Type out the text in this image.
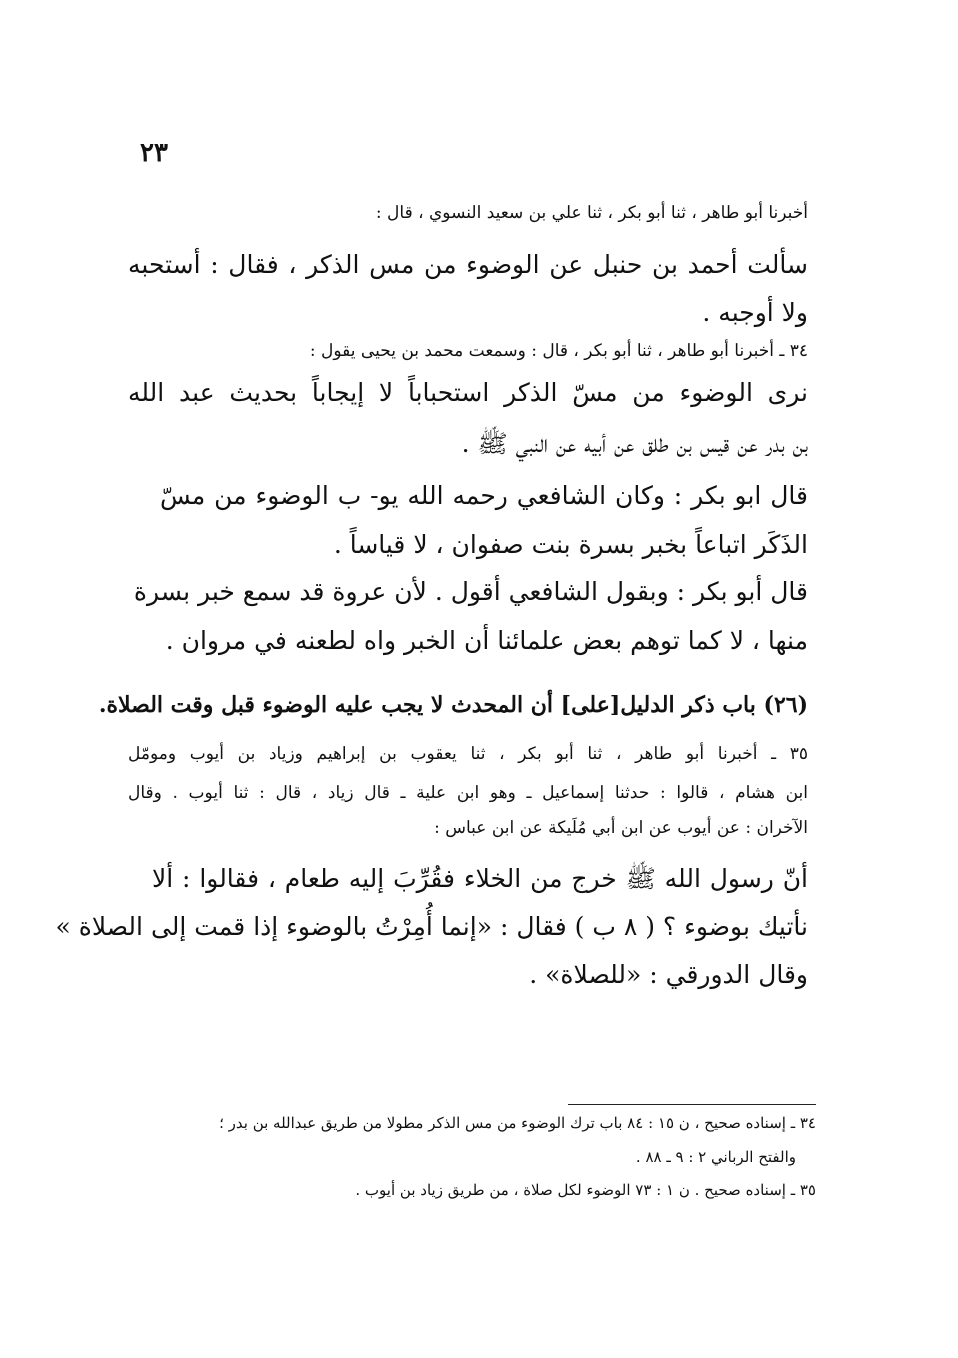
٢٣
أخبرنا أبو طاهر ، ثنا أبو بكر ، ثنا علي بن سعيد النسوي ، قال :
سألت أحمد بن حنبل عن الوضوء من مس الذكر ، فقال : أستحبه
ولا أوجبه .
٣٤ ـ أخبرنا أبو طاهر ، ثنا أبو بكر ، قال : وسمعت محمد بن يحيى يقول :
نرى الوضوء من مسّ الذكر استحباباً لا إيجاباً بحديث عبد الله
بن بدر عن قيس بن طلق عن أبيه عن النبي ﷺ .
قال ابو بكر : وكان الشافعي رحمه الله يو- ب الوضوء من مسّ
الذَكَر اتباعاً بخبر بسرة بنت صفوان ، لا قياساً .
قال أبو بكر : وبقول الشافعي أقول . لأن عروة قد سمع خبر بسرة
منها ، لا كما توهم بعض علمائنا أن الخبر واه لطعنه في مروان .
(٢٦) باب ذكر الدليل[على] أن المحدث لا يجب عليه الوضوء قبل وقت الصلاة.
٣٥ ـ أخبرنا أبو طاهر ، ثنا أبو بكر ، ثنا يعقوب بن إبراهيم وزياد بن أيوب ومومّل
ابن هشام ، قالوا : حدثنا إسماعيل ـ وهو ابن علية ـ قال زياد ، قال : ثنا أيوب . وقال
الآخران : عن أيوب عن ابن أبي مُلَيكة عن ابن عباس :
أنّ رسول الله ﷺ خرج من الخلاء فقُرِّبَ إليه طعام ، فقالوا : ألا
نأتيك بوضوء ؟ ( ٨ ب ) فقال : «إنما أُمِرْتُ بالوضوء إذا قمت إلى الصلاة »
وقال الدورقي : «للصلاة» .
٣٤ ـ إسناده صحيح ، ن ١٥ : ٨٤ باب ترك الوضوء من مس الذكر مطولا من طريق عبدالله بن بدر ؛
والفتح الرباني ٢ : ٩ ـ ٨٨ .
٣٥ ـ إسناده صحيح . ن ١ : ٧٣ الوضوء لكل صلاة ، من طريق زياد بن أيوب .
